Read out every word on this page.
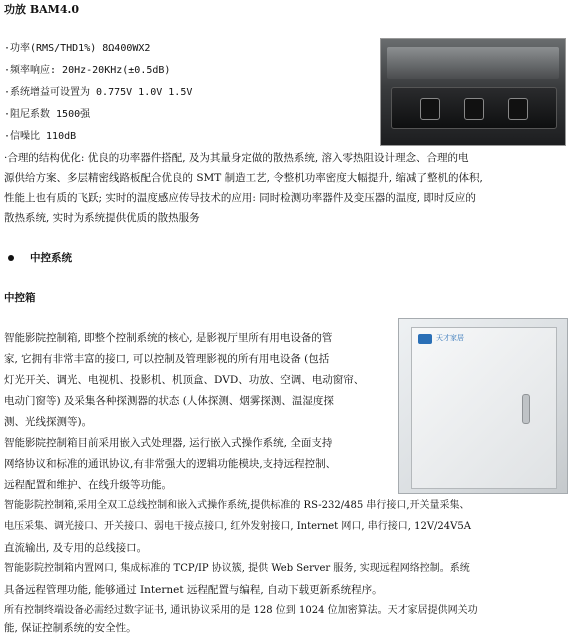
功放 BAM4.0
·功率(RMS/THD1%) 8Ω400WX2
·频率响应: 20Hz-20KHz(±0.5dB)
·系统增益可设置为 0.775V 1.0V 1.5V
·阻尼系数 1500强
·信噪比 110dB
·合理的结构优化: 优良的功率器件搭配, 及为其量身定做的散热系统, 溶入零热阻设计理念、合理的电
源供给方案、多层精密线路板配合优良的 SMT 制造工艺, 令整机功率密度大幅提升, 缩减了整机的体积,
性能上也有质的飞跃; 实时的温度感应传导技术的应用: 同时检测功率器件及变压器的温度, 即时反应的
散热系统, 实时为系统提供优质的散热服务
中控系统
中控箱
天才家居
智能影院控制箱, 即整个控制系统的核心, 是影视厅里所有用电设备的管
家, 它拥有非常丰富的接口, 可以控制及管理影视的所有用电设备 (包括
灯光开关、调光、电视机、投影机、机顶盒、DVD、功放、空调、电动窗帘、
电动门窗等) 及采集各种探测器的状态 (人体探测、烟雾探测、温湿度探
测、光线探测等)。
智能影院控制箱目前采用嵌入式处理器, 运行嵌入式操作系统, 全面支持
网络协议和标准的通讯协议,有非常强大的逻辑功能模块,支持远程控制、
远程配置和维护、在线升级等功能。
智能影院控制箱,采用全双工总线控制和嵌入式操作系统,提供标准的 RS-232/485 串行接口,开关量采集、
电压采集、调光接口、开关接口、弱电干接点接口, 红外发射接口, Internet 网口, 串行接口, 12V/24V5A
直流输出, 及专用的总线接口。
智能影院控制箱内置网口, 集成标准的 TCP/IP 协议簇, 提供 Web Server 服务, 实现远程网络控制。系统
具备远程管理功能, 能够通过 Internet 远程配置与编程, 自动下载更新系统程序。
所有控制终端设备必需经过数字证书, 通讯协议采用的是 128 位到 1024 位加密算法。天才家居提供网关功
能, 保证控制系统的安全性。
